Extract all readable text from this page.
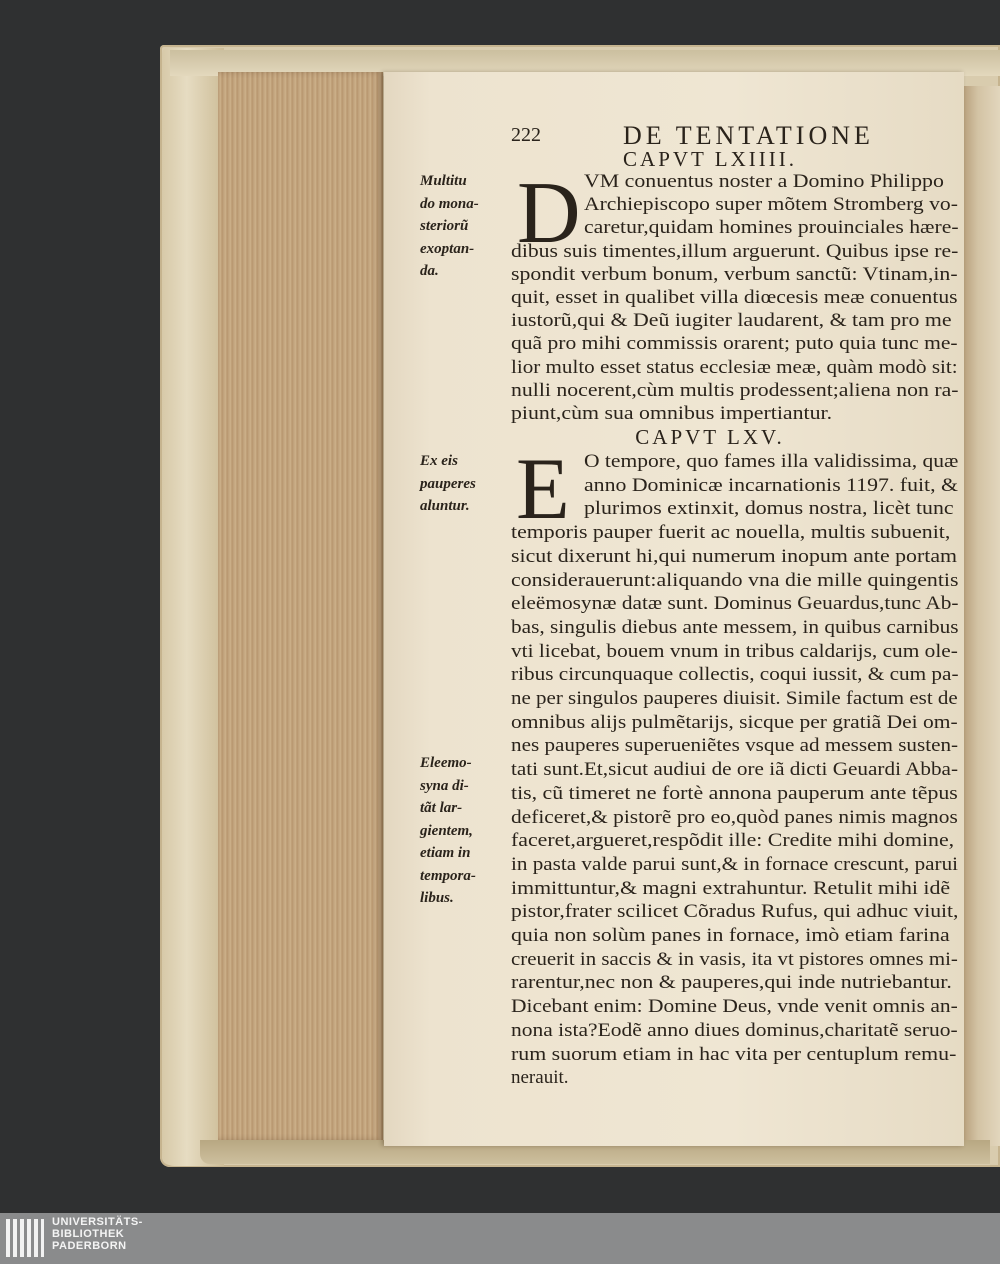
222	DE TENTATIONE
CAPVT LXIIII.
D
Multitu
do mona-
steriorũ
exoptan-
da.
VM conuentus noster a Domino Philippo
Archiepiscopo super mõtem Stromberg vo-
caretur,quidam homines prouinciales hære-
dibus suis timentes,illum arguerunt. Quibus ipse re-
spondit verbum bonum, verbum sanctũ: Vtinam,in-
quit, esset in qualibet villa diœcesis meæ conuentus
iustorũ,qui & Deũ iugiter laudarent, & tam pro me
quã pro mihi commissis orarent; puto quia tunc me-
lior multo esset status ecclesiæ meæ, quàm modò sit:
nulli nocerent,cùm multis prodessent;aliena non ra-
piunt,cùm sua omnibus impertiantur.
CAPVT LXV.
E
Ex eis
pauperes
aluntur.
Eleemo-
syna di-
tãt lar-
gientem,
etiam in
tempora-
libus.
O tempore, quo fames illa validissima, quæ
anno Dominicæ incarnationis 1197. fuit, &
plurimos extinxit, domus nostra, licèt tunc
temporis pauper fuerit ac nouella, multis subuenit,
sicut dixerunt hi,qui numerum inopum ante portam
considerauerunt:aliquando vna die mille quingentis
eleëmosynæ datæ sunt. Dominus Geuardus,tunc Ab-
bas, singulis diebus ante messem, in quibus carnibus
vti licebat, bouem vnum in tribus caldarijs, cum ole-
ribus circunquaque collectis, coqui iussit, & cum pa-
ne per singulos pauperes diuisit. Simile factum est de
omnibus alijs pulmẽtarijs, sicque per gratiã Dei om-
nes pauperes superueniẽtes vsque ad messem susten-
tati sunt.Et,sicut audiui de ore iã dicti Geuardi Abba-
tis, cũ timeret ne fortè annona pauperum ante tẽpus
deficeret,& pistorẽ pro eo,quòd panes nimis magnos
faceret,argueret,respõdit ille: Credite mihi domine,
in pasta valde parui sunt,& in fornace crescunt, parui
immittuntur,& magni extrahuntur. Retulit mihi idẽ
pistor,frater scilicet Cõradus Rufus, qui adhuc viuit,
quia non solùm panes in fornace, imò etiam farina
creuerit in saccis & in vasis, ita vt pistores omnes mi-
rarentur,nec non & pauperes,qui inde nutriebantur.
Dicebant enim: Domine Deus, vnde venit omnis an-
nona ista?Eodẽ anno diues dominus,charitatẽ seruo-
rum suorum etiam in hac vita per centuplum remu-
nerauit.
UNIVERSITÄTS-
BIBLIOTHEK
PADERBORN
